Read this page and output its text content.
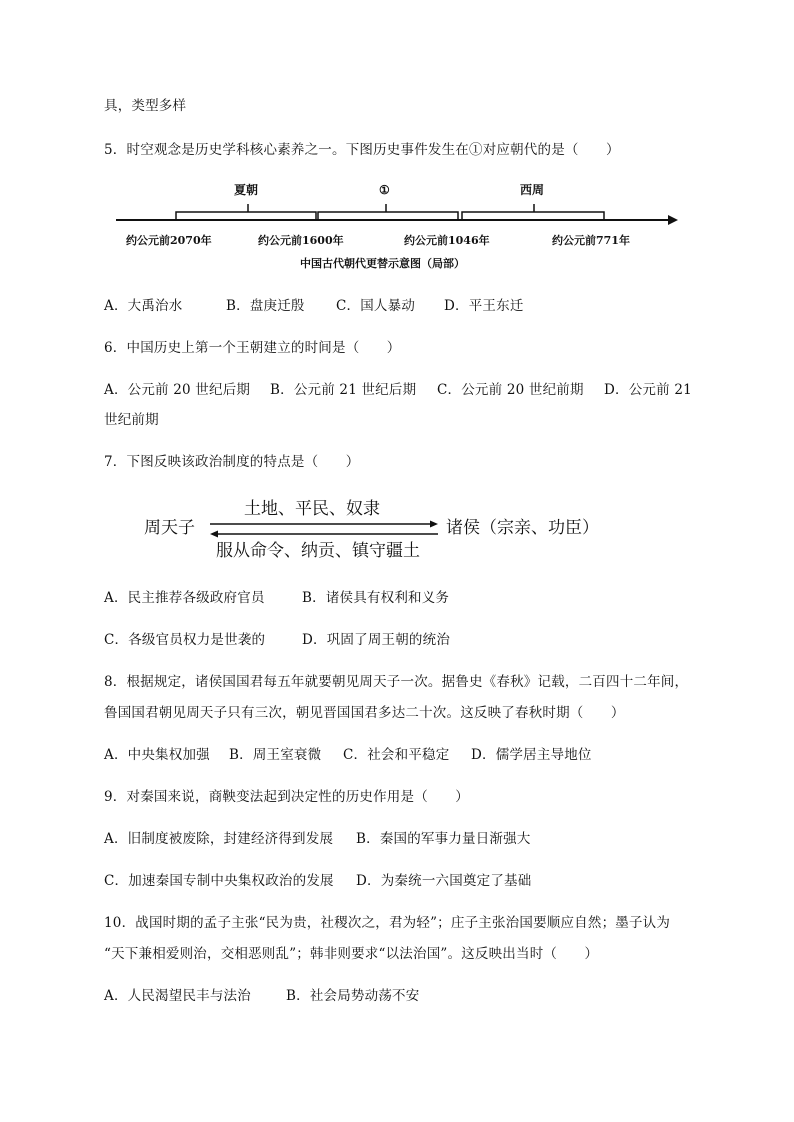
具，类型多样
5．时空观念是历史学科核心素养之一。下图历史事件发生在①对应朝代的是（　　）
夏朝	①	西周
约公元前2070年	约公元前1600年	约公元前1046年	约公元前771年
中国古代朝代更替示意图（局部）
A．大禹治水	B．盘庚迁殷 C．国人暴动 D．平王东迁
6．中国历史上第一个王朝建立的时间是（　　）
A．公元前 20 世纪后期 B．公元前 21 世纪后期 C．公元前 20 世纪前期 D．公元前 21
世纪前期
7．下图反映该政治制度的特点是（　　）
周天子
土地、平民、奴隶
服从命令、纳贡、镇守疆土
诸侯（宗亲、功臣）
A．民主推荐各级政府官员	B．诸侯具有权利和义务
C．各级官员权力是世袭的	D．巩固了周王朝的统治
8．根据规定，诸侯国国君每五年就要朝见周天子一次。据鲁史《春秋》记载，二百四十二年间，
鲁国国君朝见周天子只有三次，朝见晋国国君多达二十次。这反映了春秋时期（　　）
A．中央集权加强 B．周王室衰微 C．社会和平稳定 D．儒学居主导地位
9．对秦国来说，商鞅变法起到决定性的历史作用是（　　）
A．旧制度被废除，封建经济得到发展 B．秦国的军事力量日渐强大
C．加速秦国专制中央集权政治的发展 D．为秦统一六国奠定了基础
10．战国时期的孟子主张“民为贵，社稷次之，君为轻”；庄子主张治国要顺应自然；墨子认为
“天下兼相爱则治，交相恶则乱”；韩非则要求“以法治国”。这反映出当时（　　）
A．人民渴望民丰与法治	B．社会局势动荡不安
